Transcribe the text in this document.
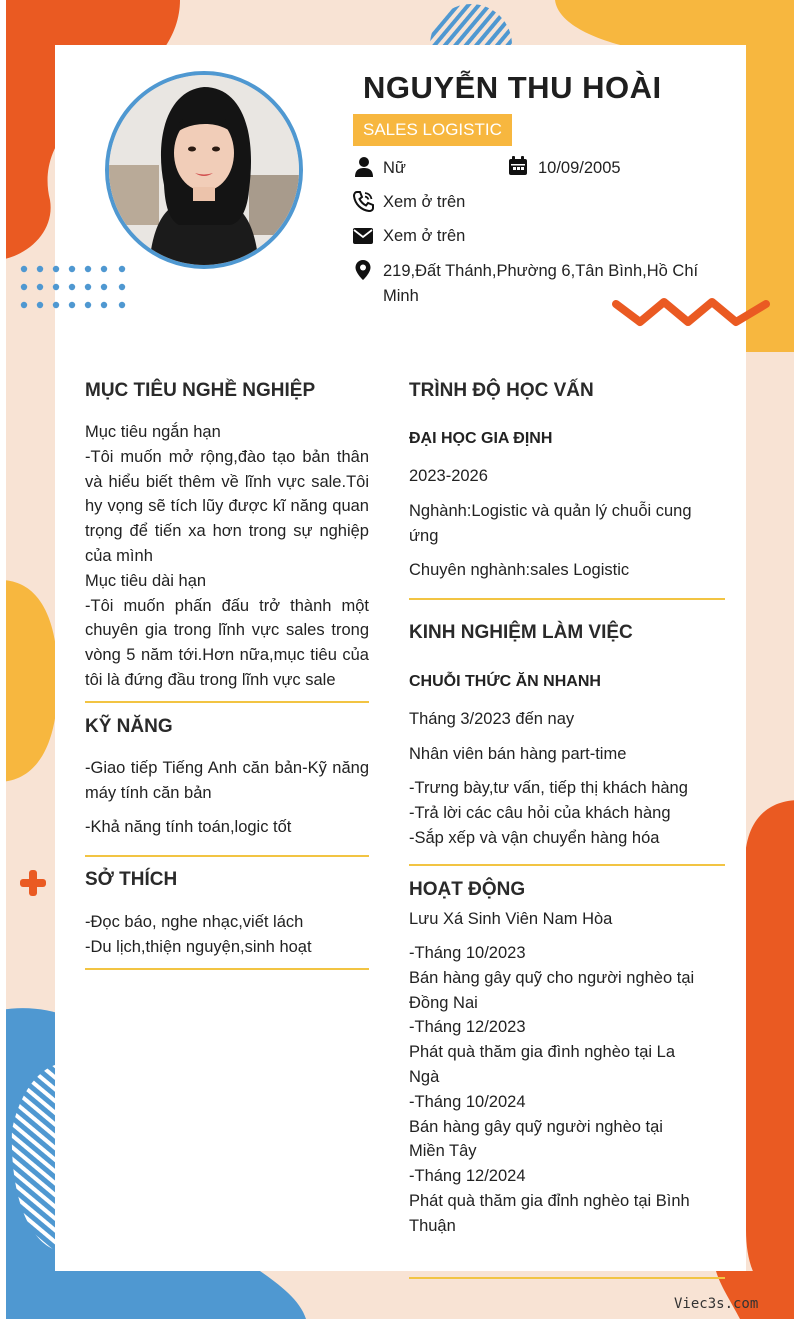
NGUYỄN THU HOÀI
SALES LOGISTIC
Nữ	10/09/2005
Xem ở trên
Xem ở trên
219,Đất Thánh,Phường 6,Tân Bình,Hồ Chí
Minh
MỤC TIÊU NGHỀ NGHIỆP
Mục tiêu ngắn hạn
-Tôi muốn mở rộng,đào tạo bản thân và hiểu biết thêm về lĩnh vực sale.Tôi hy vọng sẽ tích lũy được kĩ năng quan trọng để tiến xa hơn trong sự nghiệp của mình
Mục tiêu dài hạn
-Tôi muốn phấn đấu trở thành một chuyên gia trong lĩnh vực sales trong vòng 5 năm tới.Hơn nữa,mục tiêu của tôi là đứng đầu trong lĩnh vực sale
KỸ NĂNG
-Giao tiếp Tiếng Anh căn bản-Kỹ năng máy tính căn bản
-Khả năng tính toán,logic tốt
SỞ THÍCH
-Đọc báo, nghe nhạc,viết lách
-Du lịch,thiện nguyện,sinh hoạt
TRÌNH ĐỘ HỌC VẤN
ĐẠI HỌC GIA ĐỊNH
2023-2026
Nghành:Logistic và quản lý chuỗi cung
ứng
Chuyên nghành:sales Logistic
KINH NGHIỆM LÀM VIỆC
CHUỖI THỨC ĂN NHANH
Tháng 3/2023 đến nay
Nhân viên bán hàng part-time
-Trưng bày,tư vấn, tiếp thị khách hàng
-Trả lời các câu hỏi của khách hàng
-Sắp xếp và vận chuyển hàng hóa
HOẠT ĐỘNG
Lưu Xá Sinh Viên Nam Hòa
-Tháng 10/2023
Bán hàng gây quỹ cho người nghèo tại
Đồng Nai
-Tháng 12/2023
Phát quà thăm gia đình nghèo tại La
Ngà
-Tháng 10/2024
Bán hàng gây quỹ người nghèo tại
Miền Tây
-Tháng 12/2024
Phát quà thăm gia đỉnh nghèo tại Bình
Thuận
Viec3s.com
